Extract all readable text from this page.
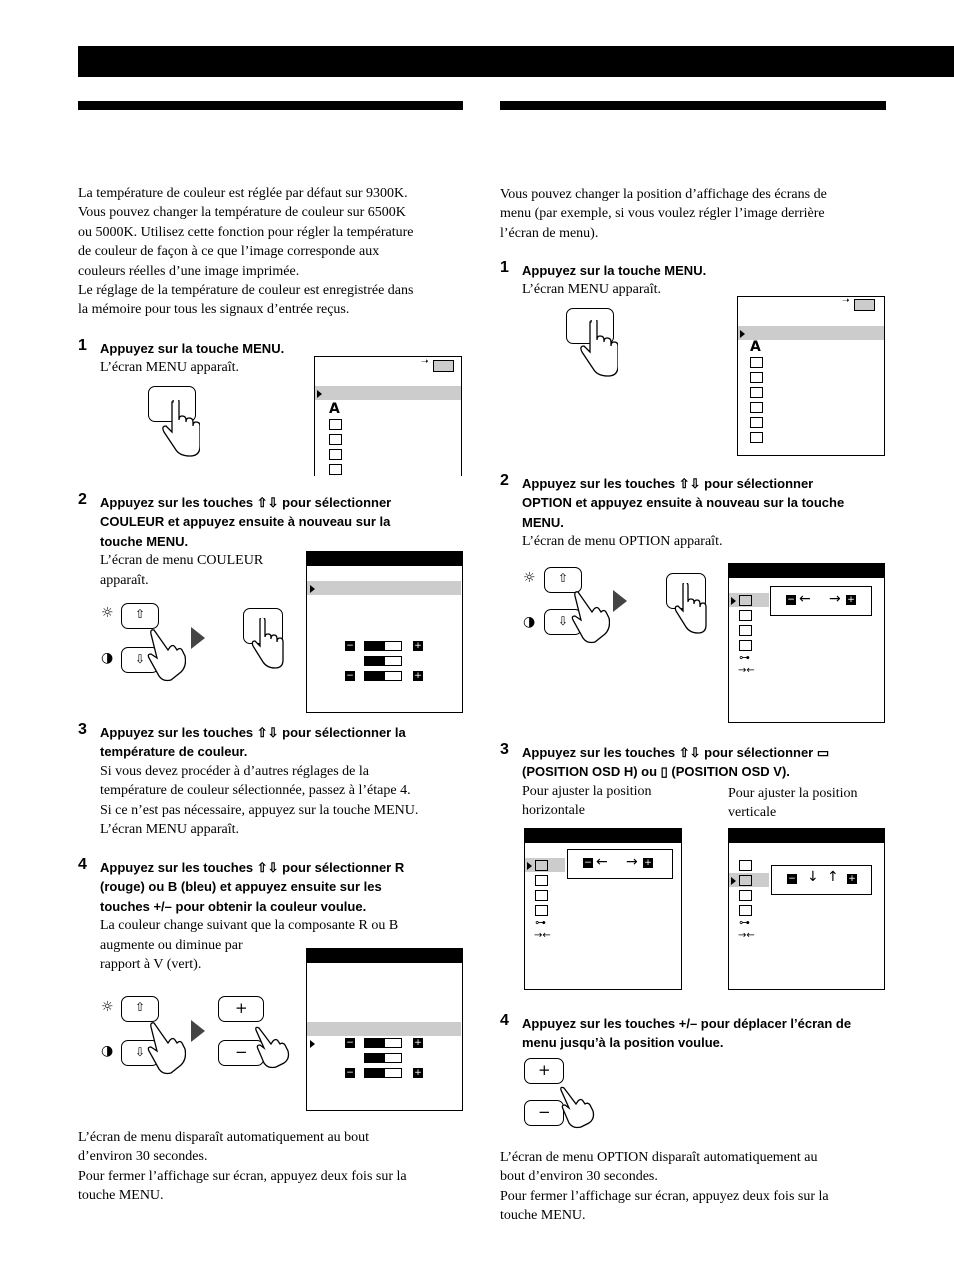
La température de couleur est réglée par défaut sur 9300K.
Vous pouvez changer la température de couleur sur 6500K
ou 5000K. Utilisez cette fonction pour régler la température
de couleur de façon à ce que l’image corresponde aux
couleurs réelles d’une image imprimée.
Le réglage de la température de couleur est enregistrée dans
la mémoire pour tous les signaux d’entrée reçus.
1 Appuyez sur la touche MENU.
L’écran MENU apparaît.
2 Appuyez sur les touches ⇧⇩ pour sélectionner
COULEUR et appuyez ensuite à nouveau sur la
touche MENU.
L’écran de menu COULEUR
apparaît.
3 Appuyez sur les touches ⇧⇩ pour sélectionner la
température de couleur.
Si vous devez procéder à d’autres réglages de la
température de couleur sélectionnée, passez à l’étape 4.
Si ce n’est pas nécessaire, appuyez sur la touche MENU.
L’écran MENU apparaît.
4 Appuyez sur les touches ⇧⇩ pour sélectionner R
(rouge) ou B (bleu) et appuyez ensuite sur les
touches +/– pour obtenir la couleur voulue.
La couleur change suivant que la composante R ou B
augmente ou diminue par
rapport à V (vert).
L’écran de menu disparaît automatiquement au bout
d’environ 30 secondes.
Pour fermer l’affichage sur écran, appuyez deux fois sur la
touche MENU.
➝
A
☼ ⇧
◑ ⇩
−	+
−	+
☼ ⇧
◑ ⇩
+
−	−	+
−	+
Vous pouvez changer la position d’affichage des écrans de
menu (par exemple, si vous voulez régler l’image derrière
l’écran de menu).
1 Appuyez sur la touche MENU.
L’écran MENU apparaît.
2 Appuyez sur les touches ⇧⇩ pour sélectionner
OPTION et appuyez ensuite à nouveau sur la touche
MENU.
L’écran de menu OPTION apparaît.
3 Appuyez sur les touches ⇧⇩ pour sélectionner ▭
(POSITION OSD H) ou ▯ (POSITION OSD V).
Pour ajuster la position
horizontale
Pour ajuster la position
verticale
4 Appuyez sur les touches +/– pour déplacer l’écran de
menu jusqu’à la position voulue.
L’écran de menu OPTION disparaît automatiquement au
bout d’environ 30 secondes.
Pour fermer l’affichage sur écran, appuyez deux fois sur la
touche MENU.
➝
A
☼ ⇧
◑ ⇩
⊶
→←
− ← → +
⊶
→←
− ← → +
⊶
→←
− ↓ ↑ +
+
−
